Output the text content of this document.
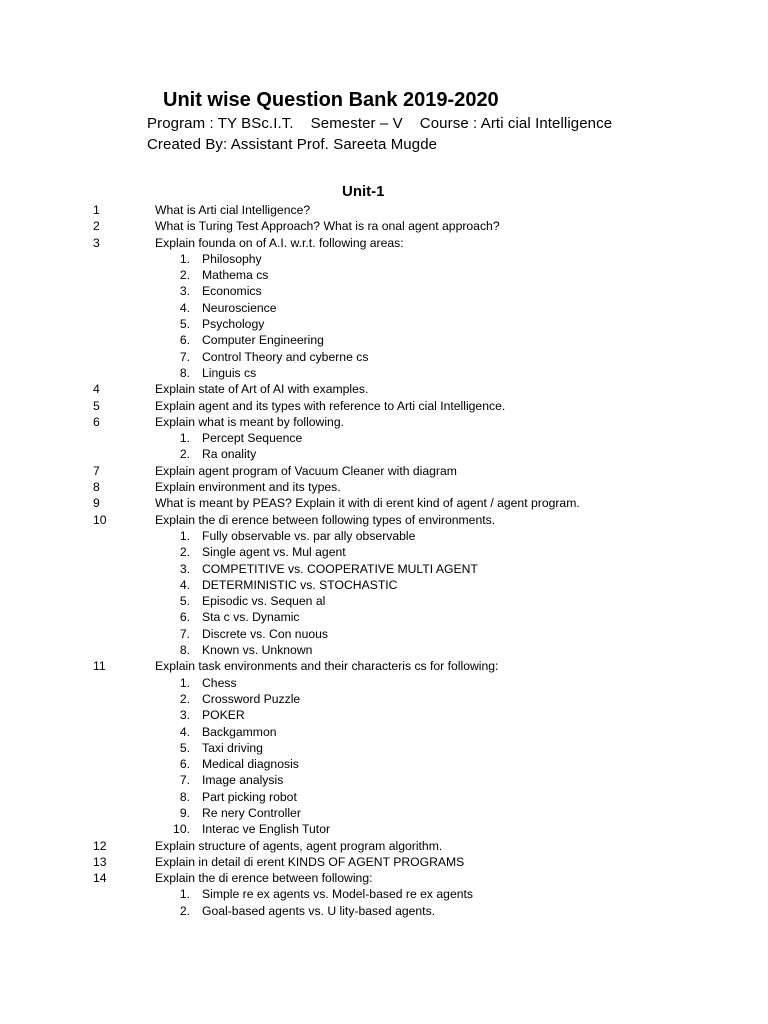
Unit wise Question Bank 2019-2020
Program : TY BSc.I.T.    Semester – V    Course : Arti cial Intelligence
Created By: Assistant Prof. Sareeta Mugde
Unit-1
1	What is Arti cial Intelligence?
2	What is Turing Test Approach? What is ra onal agent approach?
3	Explain founda on of A.I. w.r.t. following areas:
1. Philosophy
2. Mathema cs
3. Economics
4. Neuroscience
5. Psychology
6. Computer Engineering
7. Control Theory and cyberne cs
8. Linguis cs
4	Explain state of Art of AI with examples.
5	Explain agent and its types with reference to Arti cial Intelligence.
6	Explain what is meant by following.
1. Percept Sequence
2. Ra onality
7	Explain agent program of Vacuum Cleaner with diagram
8	Explain environment and its types.
9	What is meant by PEAS? Explain it with di erent kind of agent / agent program.
10	Explain the di erence between following types of environments.
1. Fully observable vs. par ally observable
2. Single agent vs. Mul agent
3. COMPETITIVE vs. COOPERATIVE MULTI AGENT
4. DETERMINISTIC vs. STOCHASTIC
5. Episodic vs. Sequen al
6. Sta c vs. Dynamic
7. Discrete vs. Con nuous
8. Known vs. Unknown
11	Explain task environments and their characteris cs for following:
1. Chess
2. Crossword Puzzle
3. POKER
4. Backgammon
5. Taxi driving
6. Medical diagnosis
7. Image analysis
8. Part picking robot
9. Re nery Controller
10. Interac ve English Tutor
12	Explain structure of agents, agent program algorithm.
13	Explain in detail di erent KINDS OF AGENT PROGRAMS
14	Explain the di erence between following:
1. Simple re ex agents vs. Model-based re ex agents
2. Goal-based agents vs. U lity-based agents.
